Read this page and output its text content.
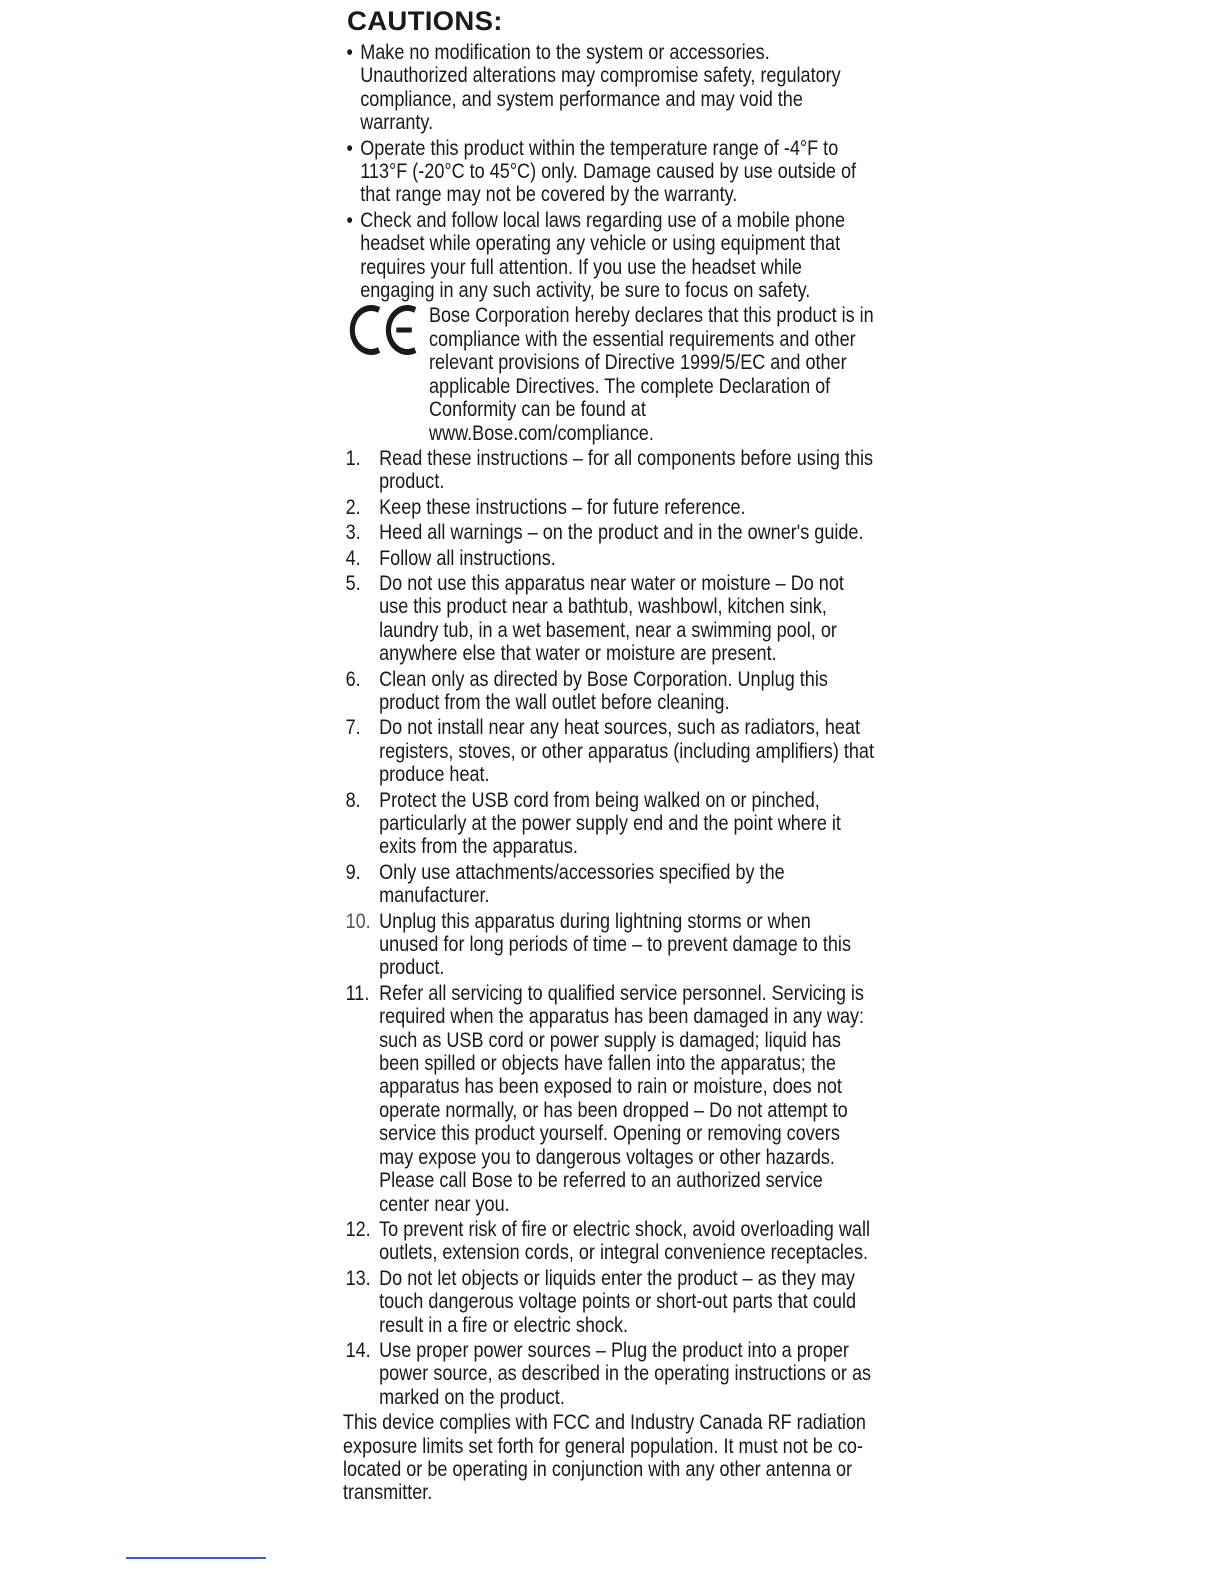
CAUTIONS:
• Make no modification to the system or accessories. Unauthorized alterations may compromise safety, regulatory compliance, and system performance and may void the warranty.
• Operate this product within the temperature range of -4°F to 113°F (-20°C to 45°C) only. Damage caused by use outside of that range may not be covered by the warranty.
• Check and follow local laws regarding use of a mobile phone headset while operating any vehicle or using equipment that requires your full attention. If you use the headset while engaging in any such activity, be sure to focus on safety.
Bose Corporation hereby declares that this product is in compliance with the essential requirements and other relevant provisions of Directive 1999/5/EC and other applicable Directives. The complete Declaration of Conformity can be found at www.Bose.com/compliance.
1. Read these instructions – for all components before using this product.
2. Keep these instructions – for future reference.
3. Heed all warnings – on the product and in the owner's guide.
4. Follow all instructions.
5. Do not use this apparatus near water or moisture – Do not use this product near a bathtub, washbowl, kitchen sink, laundry tub, in a wet basement, near a swimming pool, or anywhere else that water or moisture are present.
6. Clean only as directed by Bose Corporation. Unplug this product from the wall outlet before cleaning.
7. Do not install near any heat sources, such as radiators, heat registers, stoves, or other apparatus (including amplifiers) that produce heat.
8. Protect the USB cord from being walked on or pinched, particularly at the power supply end and the point where it exits from the apparatus.
9. Only use attachments/accessories specified by the manufacturer.
10. Unplug this apparatus during lightning storms or when unused for long periods of time – to prevent damage to this product.
11. Refer all servicing to qualified service personnel. Servicing is required when the apparatus has been damaged in any way: such as USB cord or power supply is damaged; liquid has been spilled or objects have fallen into the apparatus; the apparatus has been exposed to rain or moisture, does not operate normally, or has been dropped – Do not attempt to service this product yourself. Opening or removing covers may expose you to dangerous voltages or other hazards. Please call Bose to be referred to an authorized service center near you.
12. To prevent risk of fire or electric shock, avoid overloading wall outlets, extension cords, or integral convenience receptacles.
13. Do not let objects or liquids enter the product – as they may touch dangerous voltage points or short-out parts that could result in a fire or electric shock.
14. Use proper power sources – Plug the product into a proper power source, as described in the operating instructions or as marked on the product.

This device complies with FCC and Industry Canada RF radiation exposure limits set forth for general population. It must not be co-located or be operating in conjunction with any other antenna or transmitter.
